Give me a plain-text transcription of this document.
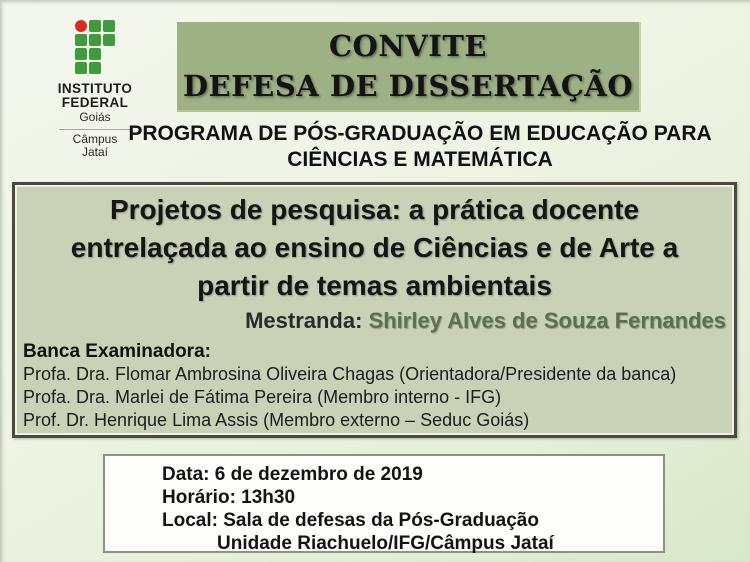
INSTITUTO
FEDERAL
Goiás
Câmpus
Jataí
CONVITE
DEFESA DE DISSERTAÇÃO
PROGRAMA DE PÓS-GRADUAÇÃO EM EDUCAÇÃO PARA
CIÊNCIAS E MATEMÁTICA
Projetos de pesquisa: a prática docente
entrelaçada ao ensino de Ciências e de Arte a
partir de temas ambientais
Mestranda: Shirley Alves de Souza Fernandes
Banca Examinadora:
Profa. Dra. Flomar Ambrosina Oliveira Chagas (Orientadora/Presidente da banca)
Profa. Dra. Marlei de Fátima Pereira (Membro interno - IFG)
Prof. Dr. Henrique Lima Assis (Membro externo – Seduc Goiás)
Data: 6 de dezembro de 2019
Horário: 13h30
Local: Sala de defesas da Pós-Graduação
Unidade Riachuelo/IFG/Câmpus Jataí
